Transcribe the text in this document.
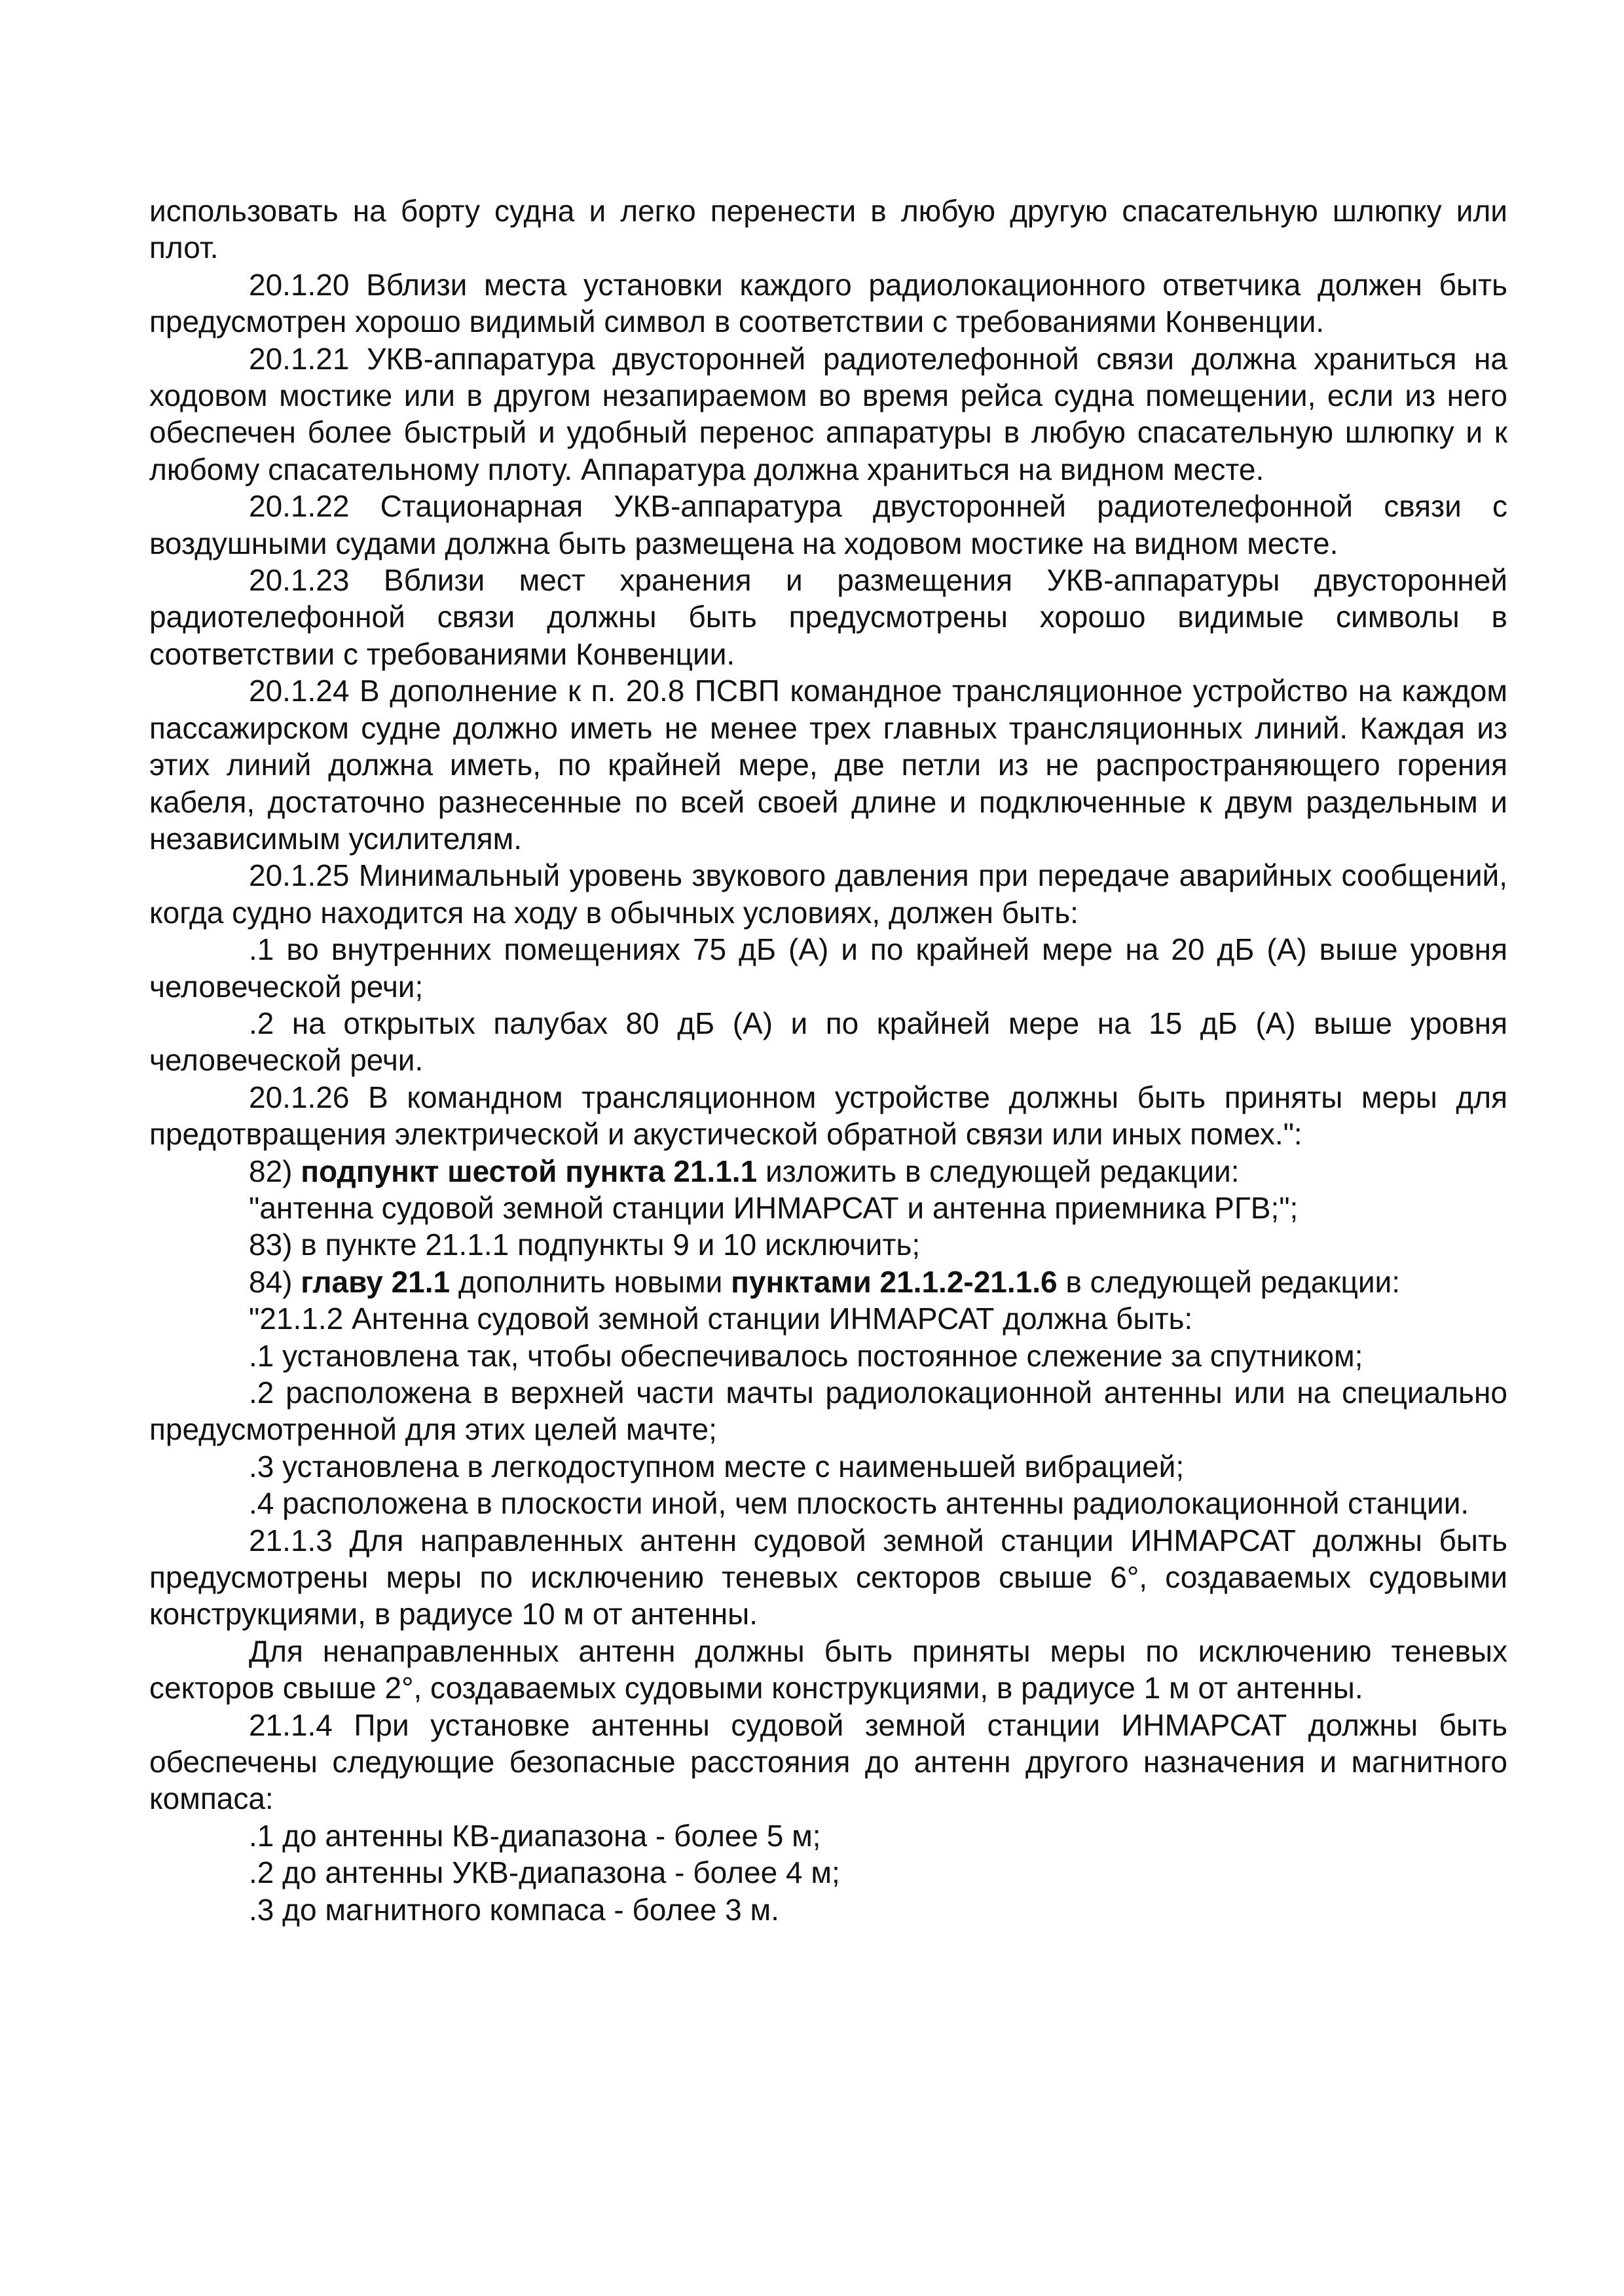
использовать на борту судна и легко перенести в любую другую спасательную шлюпку или плот.

20.1.20 Вблизи места установки каждого радиолокационного ответчика должен быть предусмотрен хорошо видимый символ в соответствии с требованиями Конвенции.

20.1.21 УКВ-аппаратура двусторонней радиотелефонной связи должна храниться на ходовом мостике или в другом незапираемом во время рейса судна помещении, если из него обеспечен более быстрый и удобный перенос аппаратуры в любую спасательную шлюпку и к любому спасательному плоту. Аппаратура должна храниться на видном месте.

20.1.22 Стационарная УКВ-аппаратура двусторонней радиотелефонной связи с воздушными судами должна быть размещена на ходовом мостике на видном месте.

20.1.23 Вблизи мест хранения и размещения УКВ-аппаратуры двусторонней радиотелефонной связи должны быть предусмотрены хорошо видимые символы в соответствии с требованиями Конвенции.

20.1.24 В дополнение к п. 20.8 ПСВП командное трансляционное устройство на каждом пассажирском судне должно иметь не менее трех главных трансляционных линий. Каждая из этих линий должна иметь, по крайней мере, две петли из не распространяющего горения кабеля, достаточно разнесенные по всей своей длине и подключенные к двум раздельным и независимым усилителям.

20.1.25 Минимальный уровень звукового давления при передаче аварийных сообщений, когда судно находится на ходу в обычных условиях, должен быть:

.1 во внутренних помещениях 75 дБ (А) и по крайней мере на 20 дБ (А) выше уровня человеческой речи;

.2 на открытых палубах 80 дБ (А) и по крайней мере на 15 дБ (А) выше уровня человеческой речи.

20.1.26 В командном трансляционном устройстве должны быть приняты меры для предотвращения электрической и акустической обратной связи или иных помех.":

82) подпункт шестой пункта 21.1.1 изложить в следующей редакции:

"антенна судовой земной станции ИНМАРСАТ и антенна приемника РГВ;";

83) в пункте 21.1.1 подпункты 9 и 10 исключить;

84) главу 21.1 дополнить новыми пунктами 21.1.2-21.1.6 в следующей редакции:

"21.1.2 Антенна судовой земной станции ИНМАРСАТ должна быть:

.1 установлена так, чтобы обеспечивалось постоянное слежение за спутником;

.2 расположена в верхней части мачты радиолокационной антенны или на специально предусмотренной для этих целей мачте;

.3 установлена в легкодоступном месте с наименьшей вибрацией;

.4 расположена в плоскости иной, чем плоскость антенны радиолокационной станции.

21.1.3 Для направленных антенн судовой земной станции ИНМАРСАТ должны быть предусмотрены меры по исключению теневых секторов свыше 6°, создаваемых судовыми конструкциями, в радиусе 10 м от антенны.

Для ненаправленных антенн должны быть приняты меры по исключению теневых секторов свыше 2°, создаваемых судовыми конструкциями, в радиусе 1 м от антенны.

21.1.4 При установке антенны судовой земной станции ИНМАРСАТ должны быть обеспечены следующие безопасные расстояния до антенн другого назначения и магнитного компаса:

.1 до антенны КВ-диапазона - более 5 м;

.2 до антенны УКВ-диапазона - более 4 м;

.3 до магнитного компаса - более 3 м.
